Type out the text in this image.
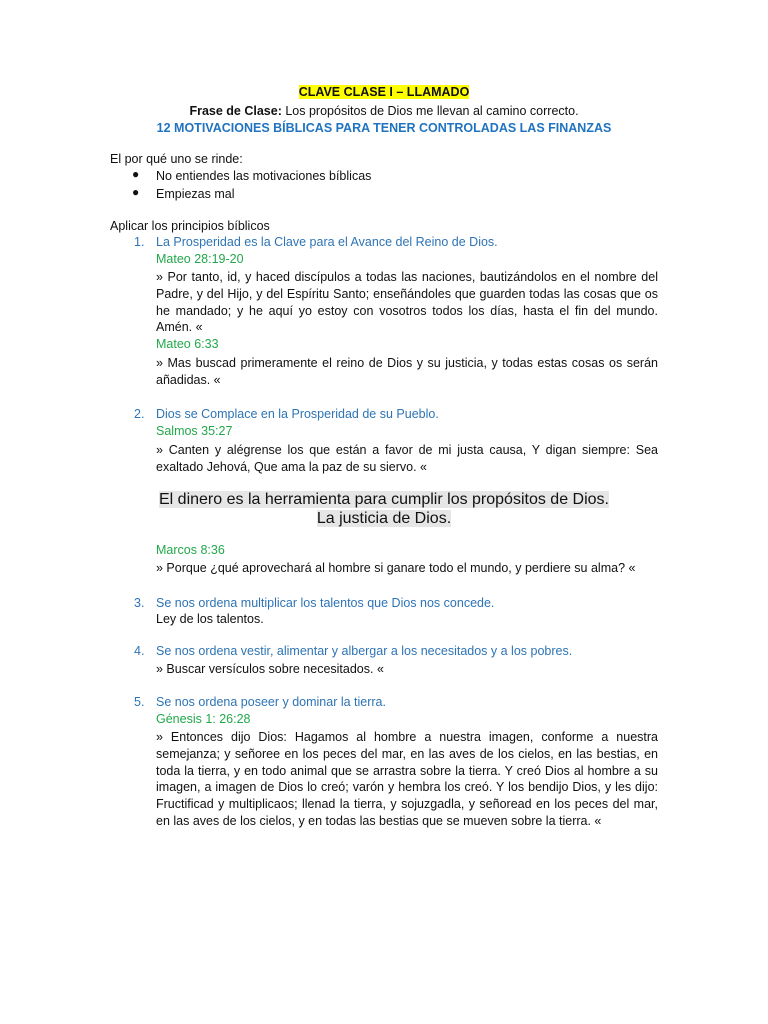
CLAVE CLASE I – LLAMADO
Frase de Clase: Los propósitos de Dios me llevan al camino correcto.
12 MOTIVACIONES BÍBLICAS PARA TENER CONTROLADAS LAS FINANZAS
El por qué uno se rinde:
● No entiendes las motivaciones bíblicas
● Empiezas mal
Aplicar los principios bíblicos
1. La Prosperidad es la Clave para el Avance del Reino de Dios.
Mateo 28:19-20
» Por tanto, id, y haced discípulos a todas las naciones, bautizándolos en el nombre del Padre, y del Hijo, y del Espíritu Santo; enseñándoles que guarden todas las cosas que os he mandado; y he aquí yo estoy con vosotros todos los días, hasta el fin del mundo. Amén. «
Mateo 6:33
» Mas buscad primeramente el reino de Dios y su justicia, y todas estas cosas os serán añadidas. «
2. Dios se Complace en la Prosperidad de su Pueblo.
Salmos 35:27
» Canten y alégrense los que están a favor de mi justa causa, Y digan siempre: Sea exaltado Jehová, Que ama la paz de su siervo. «
El dinero es la herramienta para cumplir los propósitos de Dios.
La justicia de Dios.
Marcos 8:36
» Porque ¿qué aprovechará al hombre si ganare todo el mundo, y perdiere su alma? «
3. Se nos ordena multiplicar los talentos que Dios nos concede.
Ley de los talentos.
4. Se nos ordena vestir, alimentar y albergar a los necesitados y a los pobres.
» Buscar versículos sobre necesitados. «
5. Se nos ordena poseer y dominar la tierra.
Génesis 1: 26:28
» Entonces dijo Dios: Hagamos al hombre a nuestra imagen, conforme a nuestra semejanza; y señoree en los peces del mar, en las aves de los cielos, en las bestias, en toda la tierra, y en todo animal que se arrastra sobre la tierra. Y creó Dios al hombre a su imagen, a imagen de Dios lo creó; varón y hembra los creó. Y los bendijo Dios, y les dijo: Fructificad y multiplicaos; llenad la tierra, y sojuzgadla, y señoread en los peces del mar, en las aves de los cielos, y en todas las bestias que se mueven sobre la tierra. «
